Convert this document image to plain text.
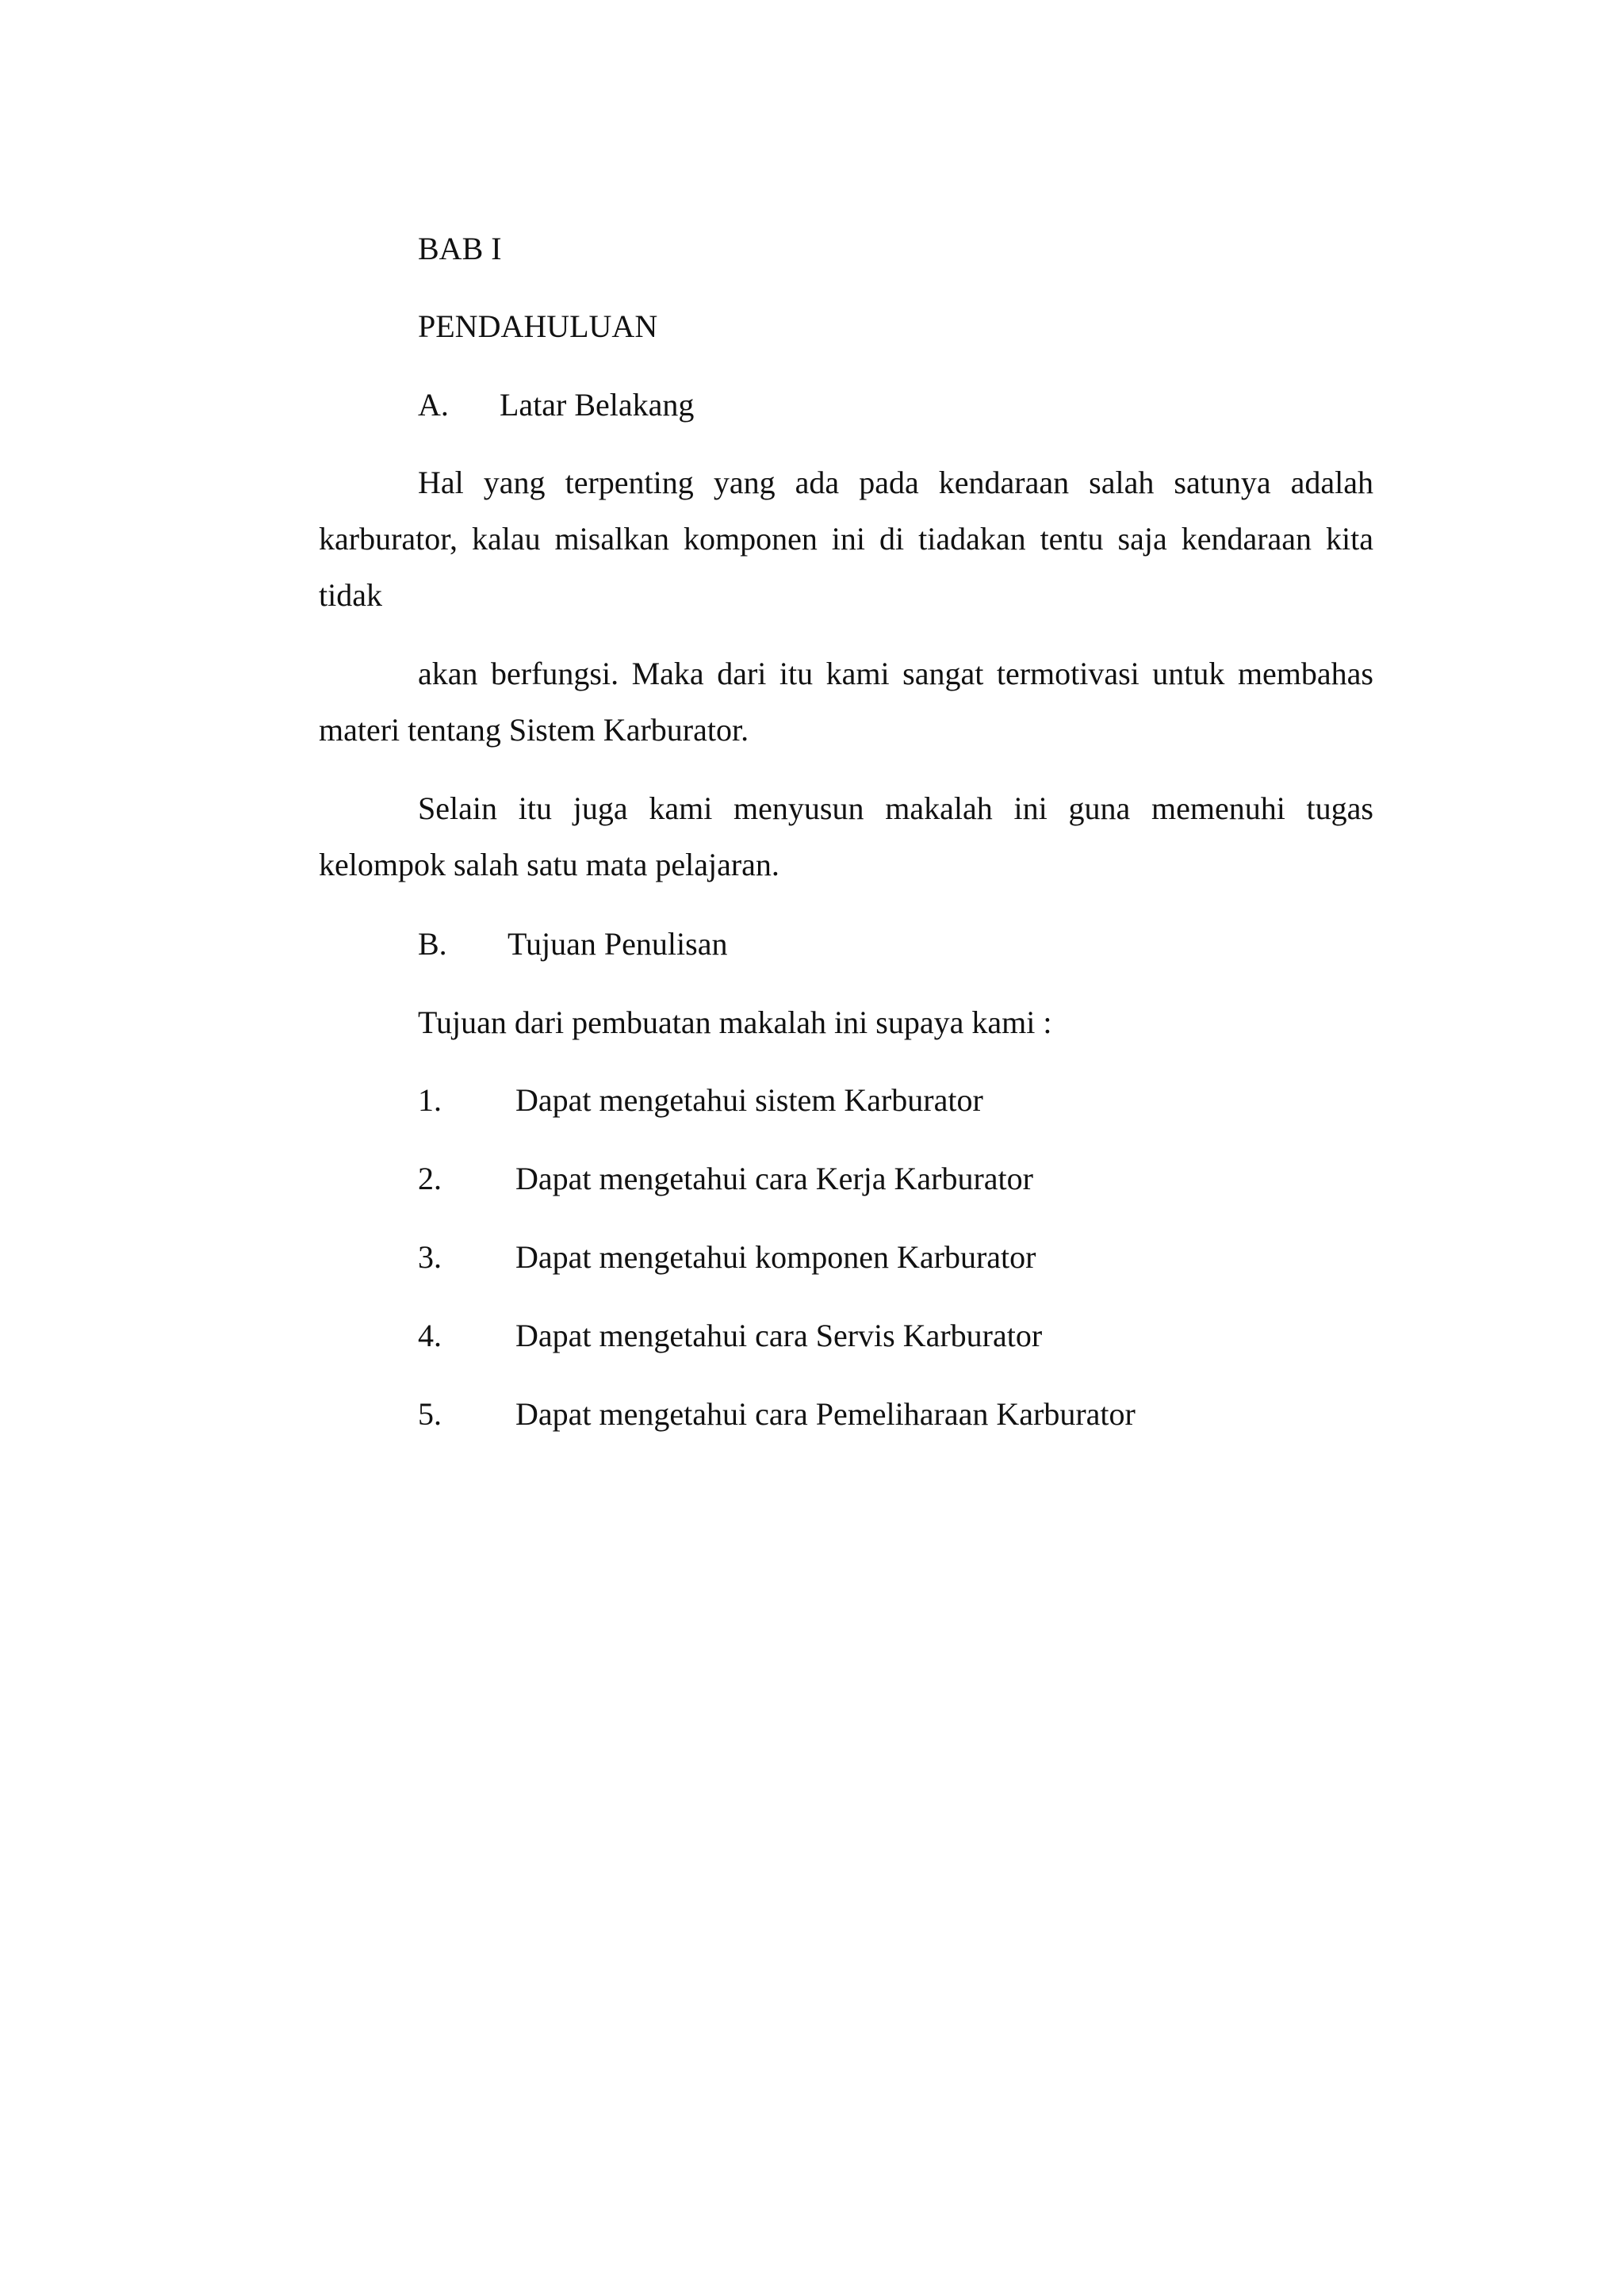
BAB I
PENDAHULUAN
A. Latar Belakang
Hal yang terpenting yang ada pada kendaraan salah satunya adalah
karburator, kalau misalkan komponen ini di tiadakan tentu saja kendaraan kita
tidak
akan berfungsi. Maka dari itu kami sangat termotivasi untuk membahas
materi tentang Sistem Karburator.
Selain itu juga kami menyusun makalah ini guna memenuhi tugas
kelompok salah satu mata pelajaran.
B. Tujuan Penulisan
Tujuan dari pembuatan makalah ini supaya kami :
1. Dapat mengetahui sistem Karburator
2. Dapat mengetahui cara Kerja Karburator
3. Dapat mengetahui komponen Karburator
4. Dapat mengetahui cara Servis Karburator
5. Dapat mengetahui cara Pemeliharaan Karburator
